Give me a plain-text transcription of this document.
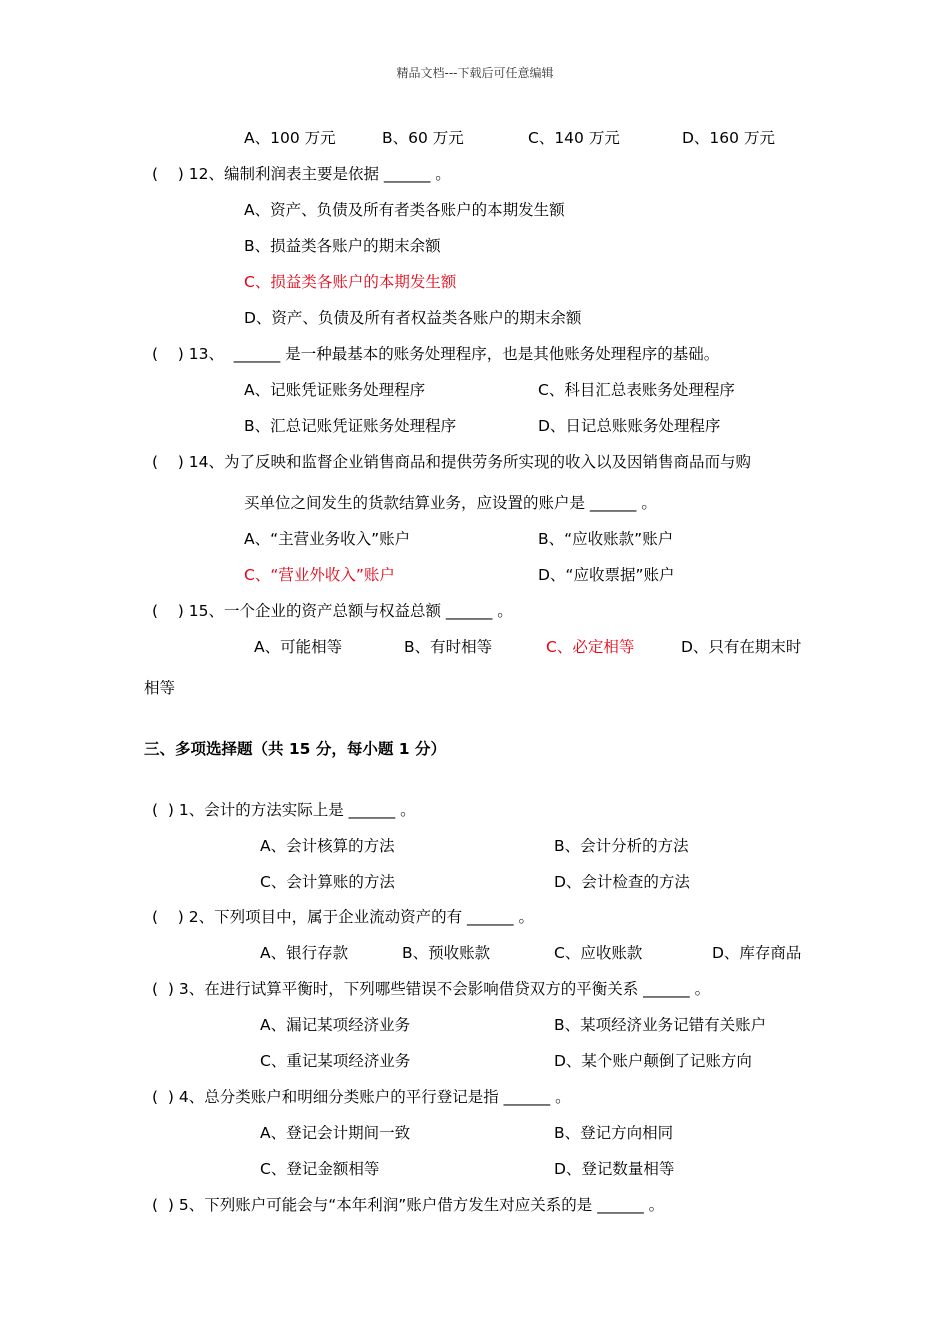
精品文档---下载后可任意编辑
A、100 万元	B、60 万元	C、140 万元	D、160 万元
(    ) 12、编制利润表主要是依据 ______ 。
A、资产、负债及所有者类各账户的本期发生额
B、损益类各账户的期末余额
C、损益类各账户的本期发生额
D、资产、负债及所有者权益类各账户的期末余额
(    ) 13、  ______ 是一种最基本的账务处理程序，也是其他账务处理程序的基础。
A、记账凭证账务处理程序	C、科目汇总表账务处理程序
B、汇总记账凭证账务处理程序	D、日记总账账务处理程序
(    ) 14、为了反映和监督企业销售商品和提供劳务所实现的收入以及因销售商品而与购
买单位之间发生的货款结算业务，应设置的账户是 ______ 。
A、“主营业务收入”账户	B、“应收账款”账户
C、“营业外收入”账户	D、“应收票据”账户
(    ) 15、一个企业的资产总额与权益总额 ______ 。
A、可能相等	B、有时相等	C、必定相等	D、只有在期末时
相等
三、多项选择题（共 15 分，每小题 1 分）
(  ) 1、会计的方法实际上是 ______ 。
A、会计核算的方法	B、会计分析的方法
C、会计算账的方法	D、会计检查的方法
(    ) 2、下列项目中，属于企业流动资产的有 ______ 。
A、银行存款	B、预收账款	C、应收账款	D、库存商品
(  ) 3、在进行试算平衡时，下列哪些错误不会影响借贷双方的平衡关系 ______ 。
A、漏记某项经济业务	B、某项经济业务记错有关账户
C、重记某项经济业务	D、某个账户颠倒了记账方向
(  ) 4、总分类账户和明细分类账户的平行登记是指 ______ 。
A、登记会计期间一致	B、登记方向相同
C、登记金额相等	D、登记数量相等
(  ) 5、下列账户可能会与“本年利润”账户借方发生对应关系的是 ______ 。
